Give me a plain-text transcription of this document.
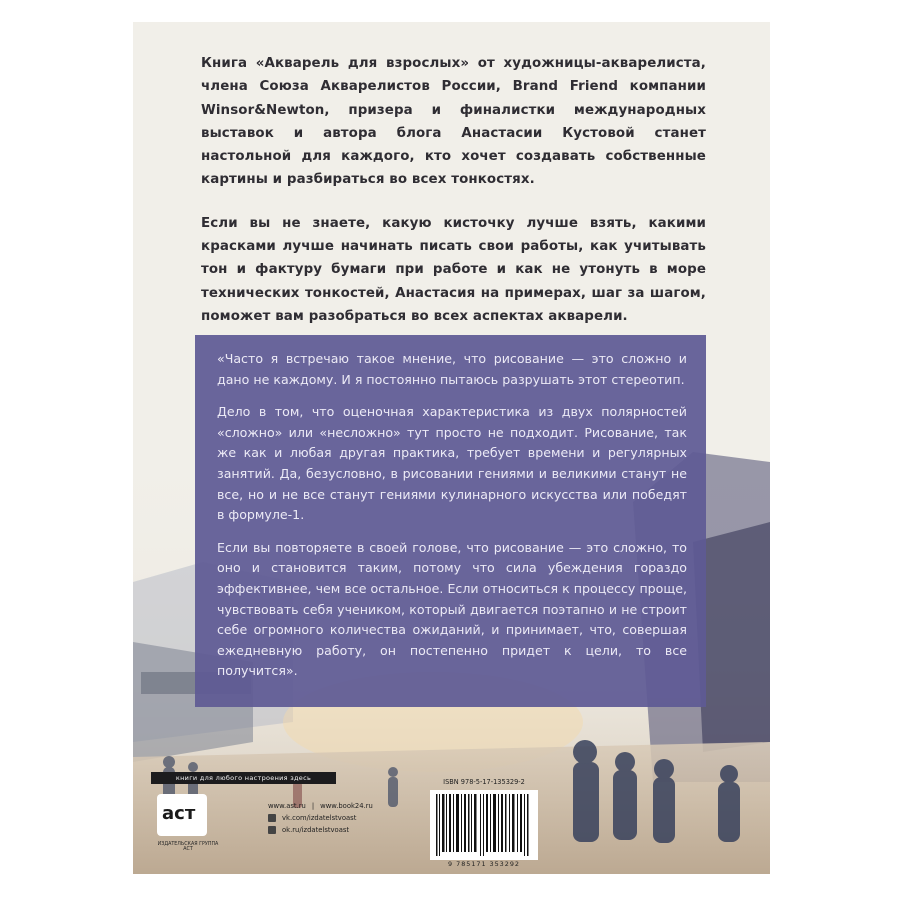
Книга «Акварель для взрослых» от художницы-акварелиста, члена Союза Акварелистов России, Brand Friend компании Winsor&Newton, призера и финалистки международных выставок и автора блога Анастасии Кустовой станет настольной для каждого, кто хочет создавать собственные картины и разбираться во всех тонкостях.

Если вы не знаете, какую кисточку лучше взять, какими красками лучше начинать писать свои работы, как учитывать тон и фактуру бумаги при работе и как не утонуть в море технических тонкостей, Анастасия на примерах, шаг за шагом, поможет вам разобраться во всех аспектах акварели.

«Часто я встречаю такое мнение, что рисование — это сложно и дано не каждому. И я постоянно пытаюсь разрушать этот стереотип.

Дело в том, что оценочная характеристика из двух полярностей «сложно» или «несложно» тут просто не подходит. Рисование, так же как и любая другая практика, требует времени и регулярных занятий. Да, безусловно, в рисовании гениями и великими станут не все, но и не все станут гениями кулинарного искусства или победят в формуле-1.

Если вы повторяете в своей голове, что рисование — это сложно, то оно и становится таким, потому что сила убеждения гораздо эффективнее, чем все остальное. Если относиться к процессу проще, чувствовать себя учеником, который двигается поэтапно и не строит себе огромного количества ожиданий, и принимает, что, совершая ежедневную работу, он постепенно придет к цели, то все получится».

книги для любого настроения здесь
аст
ИЗДАТЕЛЬСКАЯ ГРУППА АСТ
www.ast.ru | www.book24.ru
vk.com/izdatelstvoast
ok.ru/izdatelstvoast
ISBN 978-5-17-135329-2
9 785171 353292
